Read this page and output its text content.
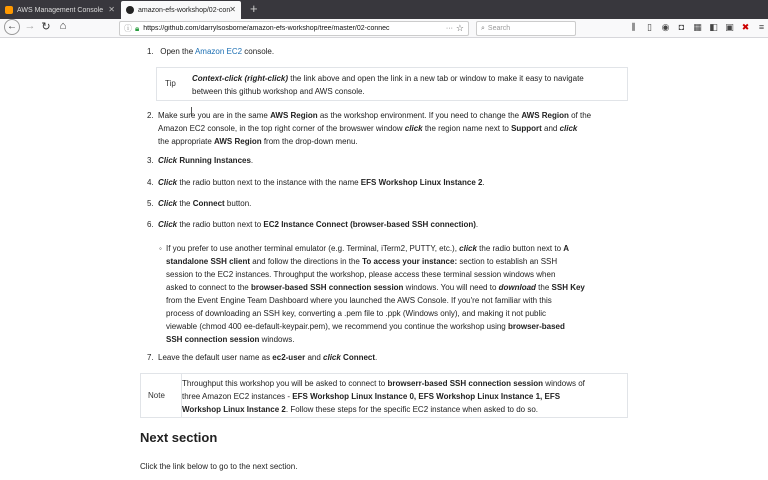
AWS Management Console ✕	amazon-efs-workshop/02-con ✕ +
← → ↻ ⌂	ⓘ 🔒︎ https://github.com/darrylsosborne/amazon-efs-workshop/tree/master/02-connec	··· ☆ ⌕ Search	⫼	▯	◉	◘	▦ ◧ ▣ ✖	≡
1. Open the Amazon EC2 console.
Tip
Context-click (right-click) the link above and open the link in a new tab or window to make it easy to navigate
between this github workshop and AWS console.
2. Make sure you are in the same AWS Region as the workshop environment. If you need to change the AWS Region of the
Amazon EC2 console, in the top right corner of the browswer window click the region name next to Support and click
the appropriate AWS Region from the drop-down menu.
3. Click Running Instances.
4. Click the radio button next to the instance with the name EFS Workshop Linux Instance 2.
5. Click the Connect button.
6. Click the radio button next to EC2 Instance Connect (browser-based SSH connection).
◦ If you prefer to use another terminal emulator (e.g. Terminal, iTerm2, PUTTY, etc.), click the radio button next to A
standalone SSH client and follow the directions in the To access your instance: section to establish an SSH
session to the EC2 instances. Throughput the workshop, please access these terminal session windows when
asked to connect to the browser-based SSH connection session windows. You will need to download the SSH Key
from the Event Engine Team Dashboard where you launched the AWS Console. If you're not familiar with this
process of downloading an SSH key, converting a .pem file to .ppk (Windows only), and making it not public
viewable (chmod 400 ee-default-keypair.pem), we recommend you continue the workshop using browser-based
SSH connection session windows.
7. Leave the default user name as ec2-user and click Connect.
Note
Throughput this workshop you will be asked to connect to browserr-based SSH connection session windows of
three Amazon EC2 instances - EFS Workshop Linux Instance 0, EFS Workshop Linux Instance 1, EFS
Workshop Linux Instance 2. Follow these steps for the specific EC2 instance when asked to do so.
Next section
Click the link below to go to the next section.
